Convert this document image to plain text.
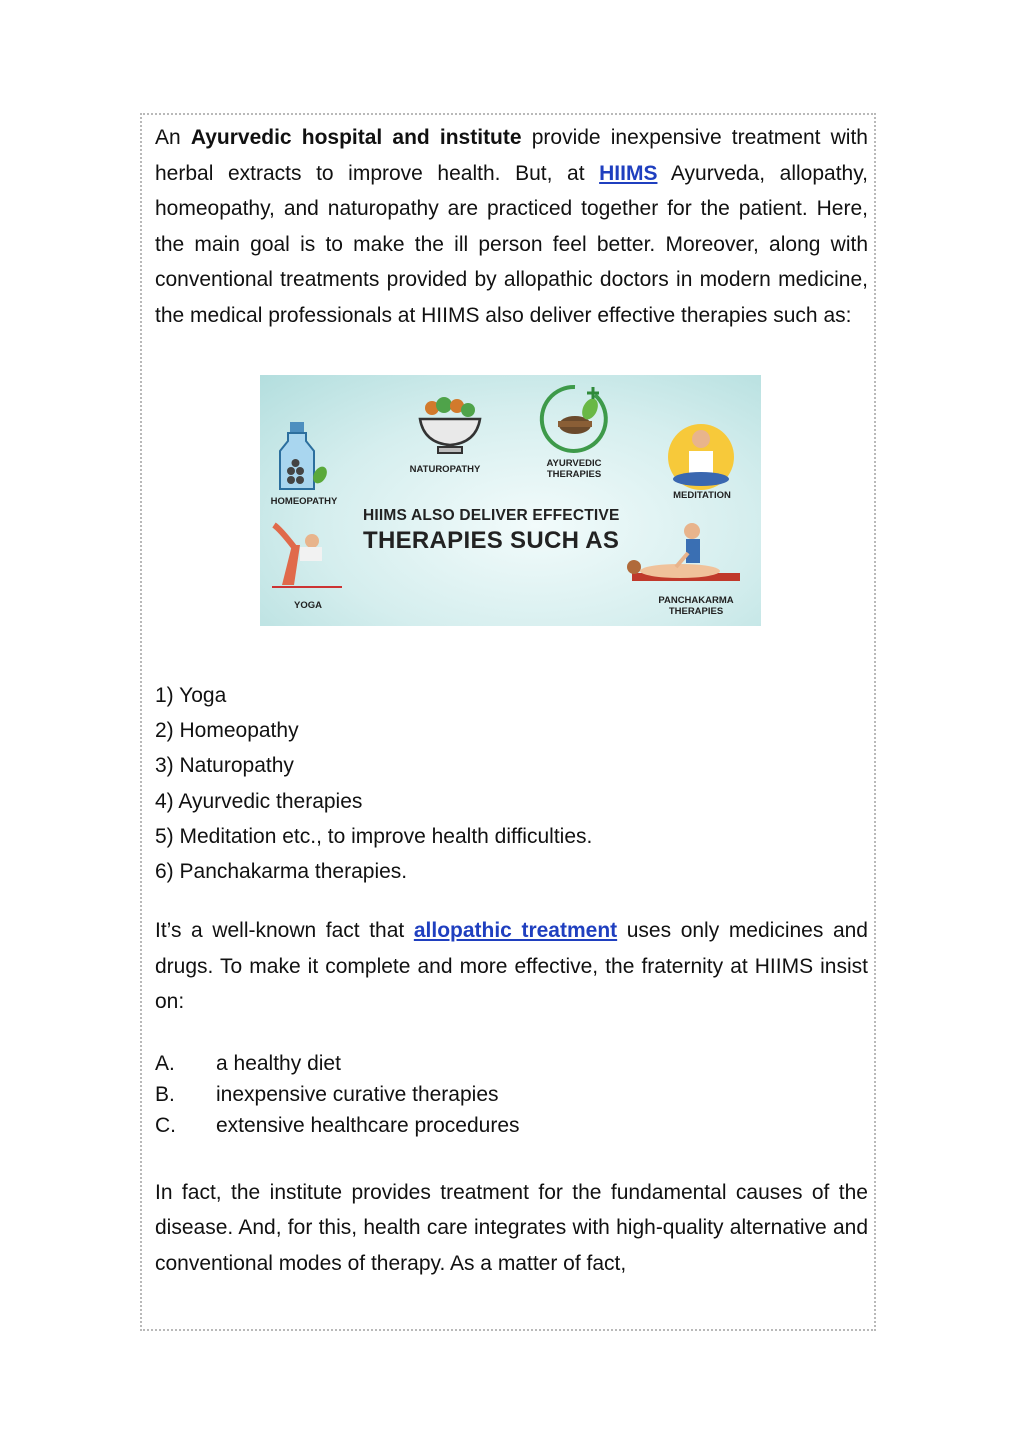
An Ayurvedic hospital and institute provide inexpensive treatment with herbal extracts to improve health. But, at HIIMS Ayurveda, allopathy, homeopathy, and naturopathy are practiced together for the patient. Here, the main goal is to make the ill person feel better. Moreover, along with conventional treatments provided by allopathic doctors in modern medicine, the medical professionals at HIIMS also deliver effective therapies such as:

HOMEOPATHY
NATUROPATHY
AYURVEDIC THERAPIES
MEDITATION
YOGA	PANCHAKARMA THERAPIES
HIIMS ALSO DELIVER EFFECTIVE
THERAPIES SUCH AS
1) Yoga
2) Homeopathy
3) Naturopathy
4) Ayurvedic therapies
5) Meditation etc., to improve health difficulties.
6) Panchakarma therapies.

It’s a well-known fact that allopathic treatment uses only medicines and drugs. To make it complete and more effective, the fraternity at HIIMS insist on:

A. a healthy diet
B. inexpensive curative therapies
C. extensive healthcare procedures

In fact, the institute provides treatment for the fundamental causes of the disease. And, for this, health care integrates with high-quality alternative and conventional modes of therapy. As a matter of fact,
